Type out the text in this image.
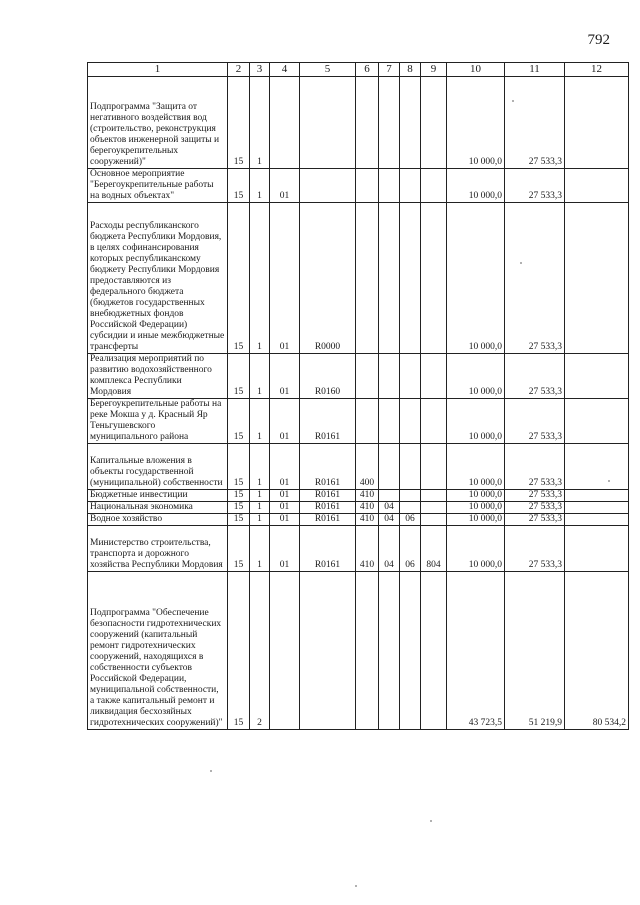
792
1	2	3	4	5	6	7	8	9	10	11	12

Подпрограмма "Защита от негативного воздействия вод (строительство, реконструкция объектов инженерной защиты и берегоукрепительных сооружений)"	15	1							10 000,0	27 533,3	

Основное мероприятие "Берегоукрепительные работы на водных объектах"	15	1	01						10 000,0	27 533,3	

Расходы республиканского бюджета Республики Мордовия, в целях софинансирования которых республиканскому бюджету Республики Мордовия предоставляются из федерального бюджета (бюджетов государственных внебюджетных фондов Российской Федерации) субсидии и иные межбюджетные трансферты	15	1	01	R0000					10 000,0	27 533,3	

Реализация мероприятий по развитию водохозяйственного комплекса Республики Мордовия	15	1	01	R0160					10 000,0	27 533,3	

Берегоукрепительные работы на реке Мокша у д. Красный Яр Теньгушевского муниципального района	15	1	01	R0161					10 000,0	27 533,3	

Капитальные вложения в объекты государственной (муниципальной) собственности	15	1	01	R0161	400				10 000,0	27 533,3	

Бюджетные инвестиции	15	1	01	R0161	410				10 000,0	27 533,3	

Национальная экономика	15	1	01	R0161	410	04			10 000,0	27 533,3	

Водное хозяйство	15	1	01	R0161	410	04	06		10 000,0	27 533,3	

Министерство строительства, транспорта и дорожного хозяйства Республики Мордовия	15	1	01	R0161	410	04	06	804	10 000,0	27 533,3	

Подпрограмма "Обеспечение безопасности гидротехнических сооружений (капитальный ремонт гидротехнических сооружений, находящихся в собственности субъектов Российской Федерации, муниципальной собственности, а также капитальный ремонт и ликвидация бесхозяйных гидротехнических сооружений)"	15	2							43 723,5	51 219,9	80 534,2
